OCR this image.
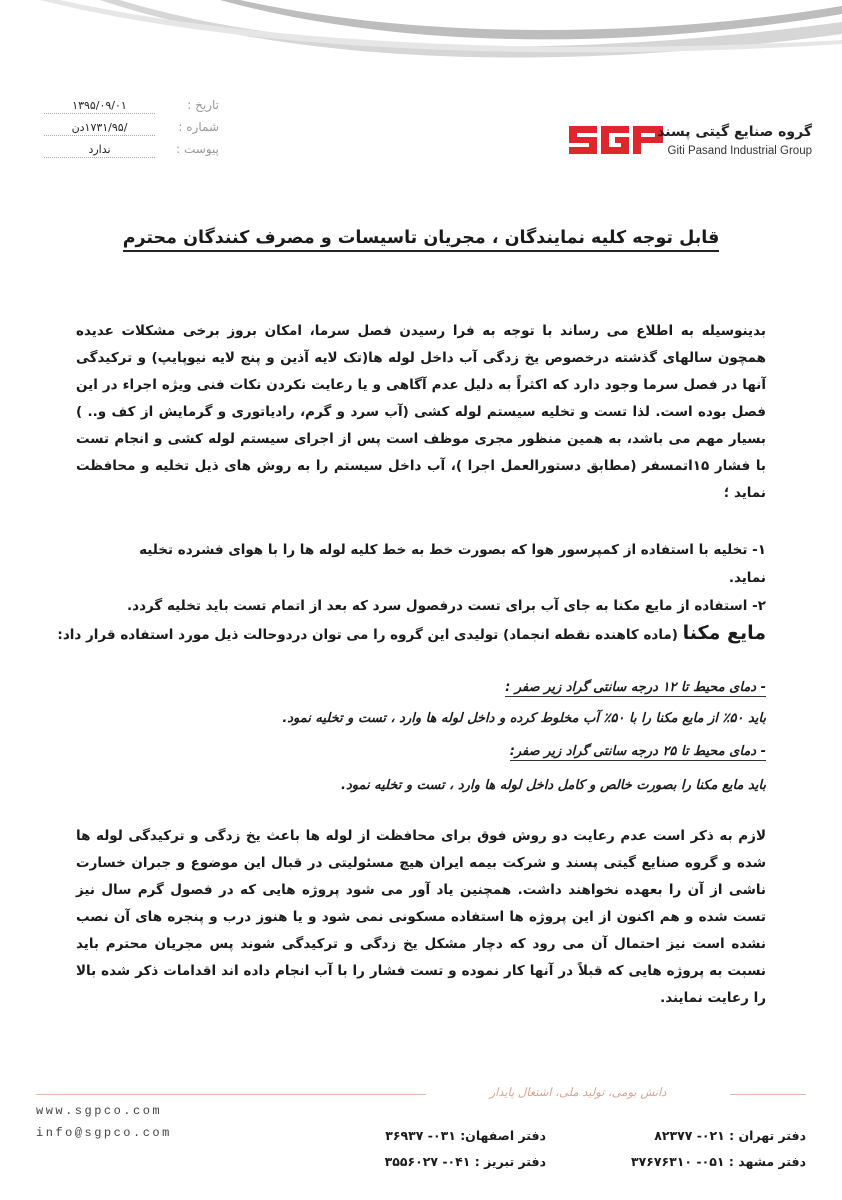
گروه صنایع گیتی پسند
Giti Pasand Industrial Group
تاریخ :
۱۳۹۵/۰۹/۰۱
شماره :
/۱۷۳۱/۹۵دن
پیوست :
ندارد
قابل توجه کلیه نمایندگان ، مجریان تاسیسات و مصرف کنندگان محترم

بدینوسیله به اطلاع می رساند با توجه به فرا رسیدن فصل سرما، امکان بروز برخی مشکلات عدیده همچون سالهای گذشته درخصوص یخ زدگی آب داخل لوله ها(تک لایه آذین و پنج لایه نیوپایپ) و ترکیدگی آنها در فصل سرما وجود دارد که اکثراً به دلیل عدم آگاهی و یا رعایت نکردن نکات فنی ویژه اجراء در این فصل بوده است. لذا تست و تخلیه سیستم لوله کشی (آب سرد و گرم، رادیاتوری و گرمایش از کف و.. ) بسیار مهم می باشد، به همین منظور مجری موظف است پس از اجرای سیستم لوله کشی و انجام تست با فشار ۱۵اتمسفر (مطابق دستورالعمل اجرا )، آب داخل سیستم را به روش های ذیل تخلیه و محافظت نماید ؛

۱- تخلیه با استفاده از کمپرسور هوا که بصورت خط به خط کلیه لوله ها را با هوای فشرده تخلیه نماید.
۲- استفاده از مایع مکنا به جای آب برای تست درفصول سرد که بعد از اتمام تست باید تخلیه گردد.
مایع مکنا (ماده کاهنده نقطه انجماد) تولیدی این گروه را می توان دردوحالت ذیل مورد استفاده قرار داد:
- دمای محیط تا ۱۲ درجه سانتی گراد زیر صفر :
باید ۵۰٪ از مایع مکنا را با ۵۰٪ آب مخلوط کرده و داخل لوله ها وارد ، تست و تخلیه نمود.
- دمای محیط تا ۲۵ درجه سانتی گراد زیر صفر:
باید مایع مکنا را بصورت خالص و کامل داخل لوله ها وارد ، تست و تخلیه نمود.

لازم به ذکر است عدم رعایت دو روش فوق برای محافظت از لوله ها باعث یخ زدگی و ترکیدگی لوله ها شده و گروه صنایع گیتی پسند و شرکت بیمه ایران هیچ مسئولیتی در قبال این موضوع و جبران خسارت ناشی از آن را بعهده نخواهند داشت. همچنین یاد آور می شود پروژه هایی که در فصول گرم سال نیز تست شده و هم اکنون از این پروژه ها استفاده مسکونی نمی شود و یا هنوز درب و پنجره های آن نصب نشده است نیز احتمال آن می رود که دچار مشکل یخ زدگی و ترکیدگی شوند پس مجریان محترم باید نسبت به پروژه هایی که قبلاً در آنها کار نموده و تست فشار را با آب انجام داده اند اقدامات ذکر شده بالا را رعایت نمایند.

دانش بومی، تولید ملی، اشتغال پایدار
www.sgpco.com
info@sgpco.com	دفتر تهران : ۰۲۱- ۸۲۳۷۷
دفتر اصفهان: ۰۳۱- ۳۶۹۳۷
دفتر مشهد : ۰۵۱- ۳۷۶۷۶۳۱۰
دفتر تبریز : ۰۴۱- ۳۵۵۶۰۲۷
